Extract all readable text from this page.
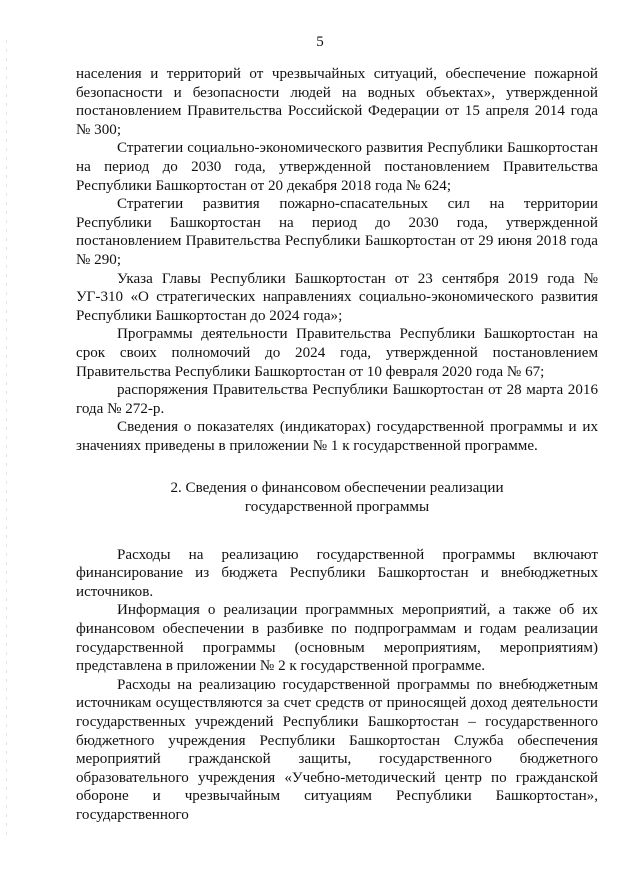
5

населения и территорий от чрезвычайных ситуаций, обеспечение пожарной безопасности и безопасности людей на водных объектах», утвержденной постановлением Правительства Российской Федерации от 15 апреля 2014 года № 300;

Стратегии социально-экономического развития Республики Башкортостан на период до 2030 года, утвержденной постановлением Правительства Республики Башкортостан от 20 декабря 2018 года № 624;

Стратегии развития пожарно-спасательных сил на территории Республики Башкортостан на период до 2030 года, утвержденной постановлением Правительства Республики Башкортостан от 29 июня 2018 года № 290;

Указа Главы Республики Башкортостан от 23 сентября 2019 года № УГ-310 «О стратегических направлениях социально-экономического развития Республики Башкортостан до 2024 года»;

Программы деятельности Правительства Республики Башкортостан на срок своих полномочий до 2024 года, утвержденной постановлением Правительства Республики Башкортостан от 10 февраля 2020 года № 67;

распоряжения Правительства Республики Башкортостан от 28 марта 2016 года № 272-р.

Сведения о показателях (индикаторах) государственной программы и их значениях приведены в приложении № 1 к государственной программе.

2. Сведения о финансовом обеспечении реализации
государственной программы

Расходы на реализацию государственной программы включают финансирование из бюджета Республики Башкортостан и внебюджетных источников.

Информация о реализации программных мероприятий, а также об их финансовом обеспечении в разбивке по подпрограммам и годам реализации государственной программы (основным мероприятиям, мероприятиям) представлена в приложении № 2 к государственной программе.

Расходы на реализацию государственной программы по внебюджетным источникам осуществляются за счет средств от приносящей доход деятельности государственных учреждений Республики Башкортостан – государственного бюджетного учреждения Республики Башкортостан Служба обеспечения мероприятий гражданской защиты, государственного бюджетного образовательного учреждения «Учебно-методический центр по гражданской обороне и чрезвычайным ситуациям Республики Башкортостан», государственного
